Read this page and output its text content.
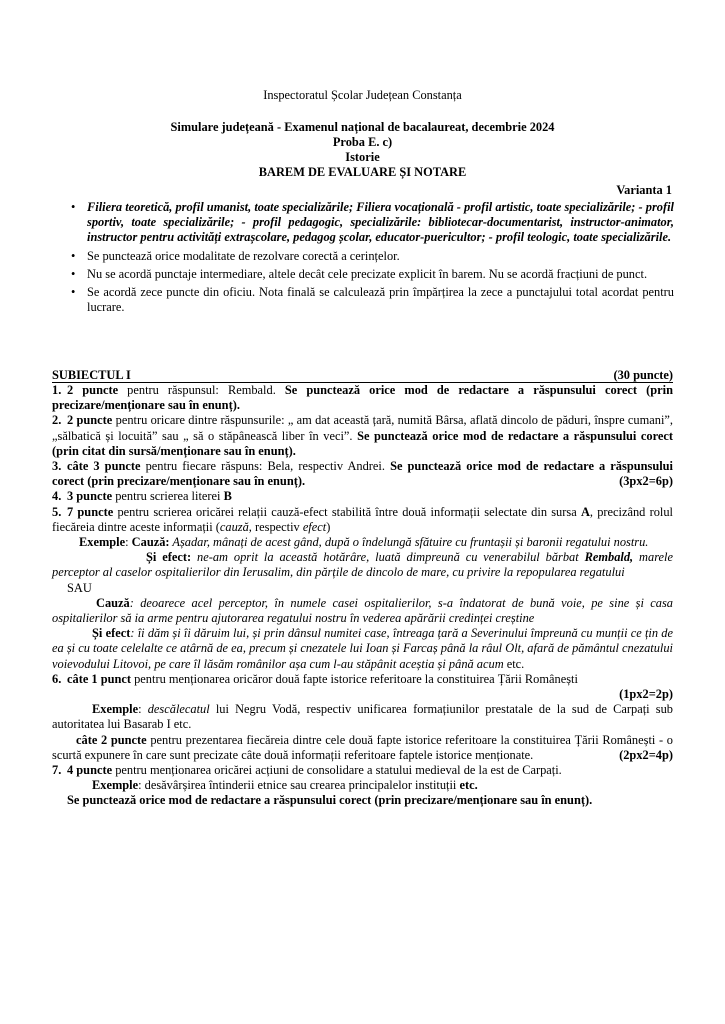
Inspectoratul Școlar Județean Constanța
Simulare județeană - Examenul național de bacalaureat, decembrie 2024
Proba E. c)
Istorie
BAREM DE EVALUARE ȘI NOTARE
Varianta 1
• Filiera teoretică, profil umanist, toate specializările; Filiera vocațională - profil artistic, toate specializările; - profil sportiv, toate specializările; - profil pedagogic, specializările: bibliotecar-documentarist, instructor-animator, instructor pentru activități extrașcolare, pedagog școlar, educator-puericultor; - profil teologic, toate specializările.
• Se punctează orice modalitate de rezolvare corectă a cerințelor.
• Nu se acordă punctaje intermediare, altele decât cele precizate explicit în barem. Nu se acordă fracțiuni de punct.
• Se acordă zece puncte din oficiu. Nota finală se calculează prin împărțirea la zece a punctajului total acordat pentru lucrare.
SUBIECTUL I	(30 puncte)
1. 2 puncte pentru răspunsul: Rembald. Se punctează orice mod de redactare a răspunsului corect (prin precizare/menționare sau în enunț).
2. 2 puncte pentru oricare dintre răspunsurile: „ am dat această țară, numită Bârsa, aflată dincolo de păduri, înspre cumani”, „sălbatică și locuită” sau „ să o stăpânească liber în veci”. Se punctează orice mod de redactare a răspunsului corect (prin citat din sursă/menționare sau în enunț).
3. câte 3 puncte pentru fiecare răspuns: Bela, respectiv Andrei. Se punctează orice mod de redactare a răspunsului corect (prin precizare/menționare sau în enunț).	(3px2=6p)
4. 3 puncte pentru scrierea literei B
5. 7 puncte pentru scrierea oricărei relații cauză-efect stabilită între două informații selectate din sursa A, precizând rolul fiecăreia dintre aceste informații (cauză, respectiv efect)
Exemple: Cauză: Așadar, mânați de acest gând, după o îndelungă sfătuire cu fruntașii și baronii regatului nostru.
Și efect: ne-am oprit la această hotărâre, luată dimpreună cu venerabilul bărbat Rembald, marele perceptor al caselor ospitalierilor din Ierusalim, din părțile de dincolo de mare, cu privire la repopularea regatului
SAU
Cauză: deoarece acel perceptor, în numele casei ospitalierilor, s-a îndatorat de bună voie, pe sine și casa ospitalierilor să ia arme pentru ajutorarea regatului nostru în vederea apărării credinței creștine
Și efect: îi dăm și îi dăruim lui, și prin dânsul numitei case, întreaga țară a Severinului împreună cu munții ce țin de ea și cu toate celelalte ce atârnă de ea, precum și cnezatele lui Ioan și Farcaș până la râul Olt, afară de pământul cnezatului voievodului Litovoi, pe care îl lăsăm românilor așa cum l-au stăpânit aceștia și până acum etc.
6. câte 1 punct pentru menționarea oricăror două fapte istorice referitoare la constituirea Țării Românești
(1px2=2p)
Exemple: descălecatul lui Negru Vodă, respectiv unificarea formațiunilor prestatale de la sud de Carpați sub autoritatea lui Basarab I etc.
câte 2 puncte pentru prezentarea fiecăreia dintre cele două fapte istorice referitoare la constituirea Țării Românești - o scurtă expunere în care sunt precizate câte două informații referitoare faptele istorice menționate.	(2px2=4p)
7. 4 puncte pentru menționarea oricărei acțiuni de consolidare a statului medieval de la est de Carpați.
Exemple: desăvârșirea întinderii etnice sau crearea principalelor instituții etc.
Se punctează orice mod de redactare a răspunsului corect (prin precizare/menționare sau în enunț).
